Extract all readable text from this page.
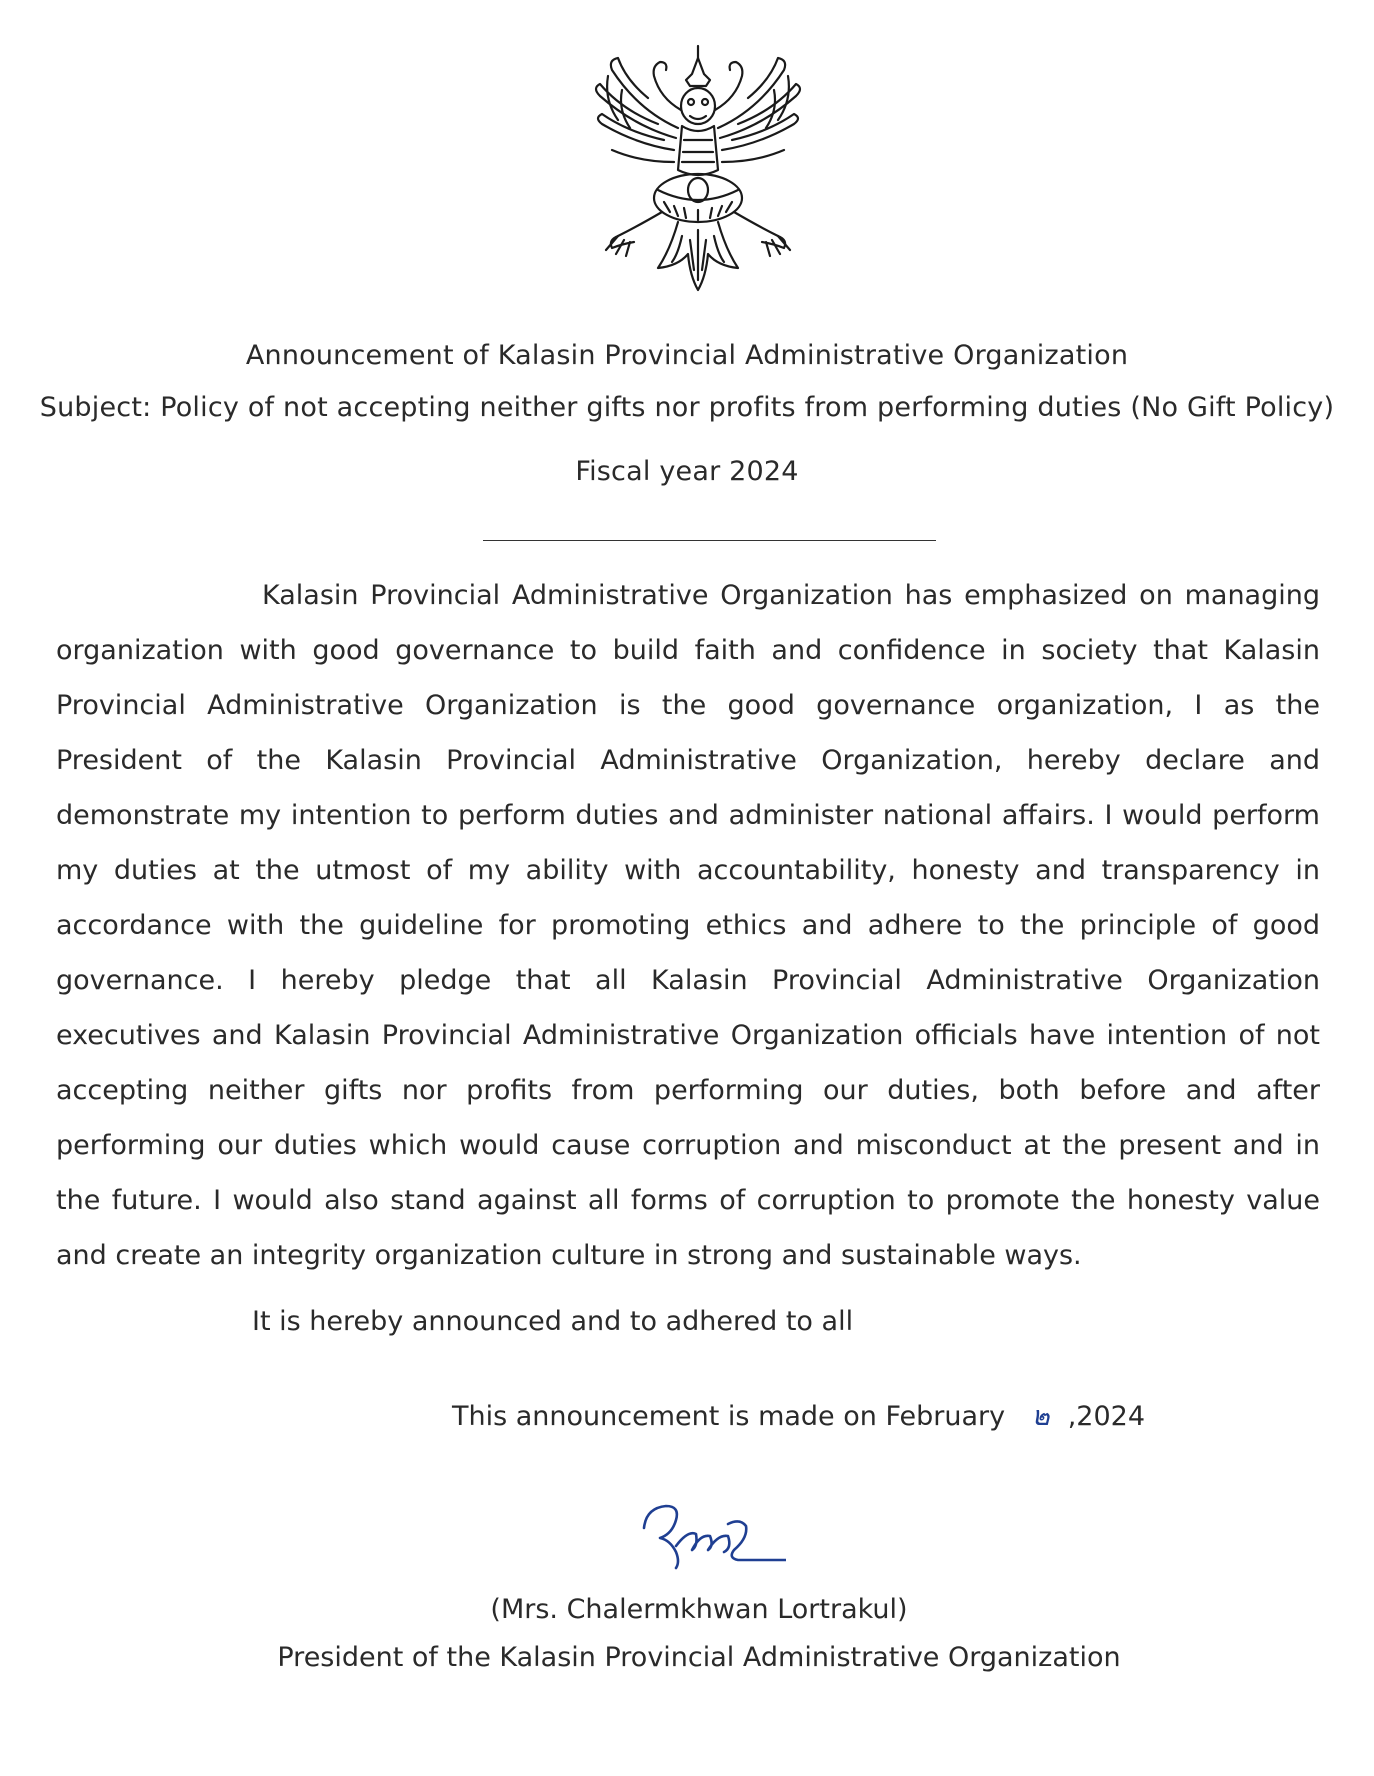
Announcement of Kalasin Provincial Administrative Organization
Subject: Policy of not accepting neither gifts nor profits from performing duties (No Gift Policy)
Fiscal year 2024
Kalasin Provincial Administrative Organization has emphasized on managing organization with good governance to build faith and confidence in society that Kalasin Provincial Administrative Organization is the good governance organization, I as the President of the Kalasin Provincial Administrative Organization, hereby declare and demonstrate my intention to perform duties and administer national affairs. I would perform my duties at the utmost of my ability with accountability, honesty and transparency in accordance with the guideline for promoting ethics and adhere to the principle of good governance. I hereby pledge that all Kalasin Provincial Administrative Organization executives and Kalasin Provincial Administrative Organization officials have intention of not accepting neither gifts nor profits from performing our duties, both before and after performing our duties which would cause corruption and misconduct at the present and in the future. I would also stand against all forms of corruption to promote the honesty value and create an integrity organization culture in strong and sustainable ways.
It is hereby announced and to adhered to all
This announcement is made on February ๒ ,2024
(Mrs. Chalermkhwan Lortrakul)
President of the Kalasin Provincial Administrative Organization
